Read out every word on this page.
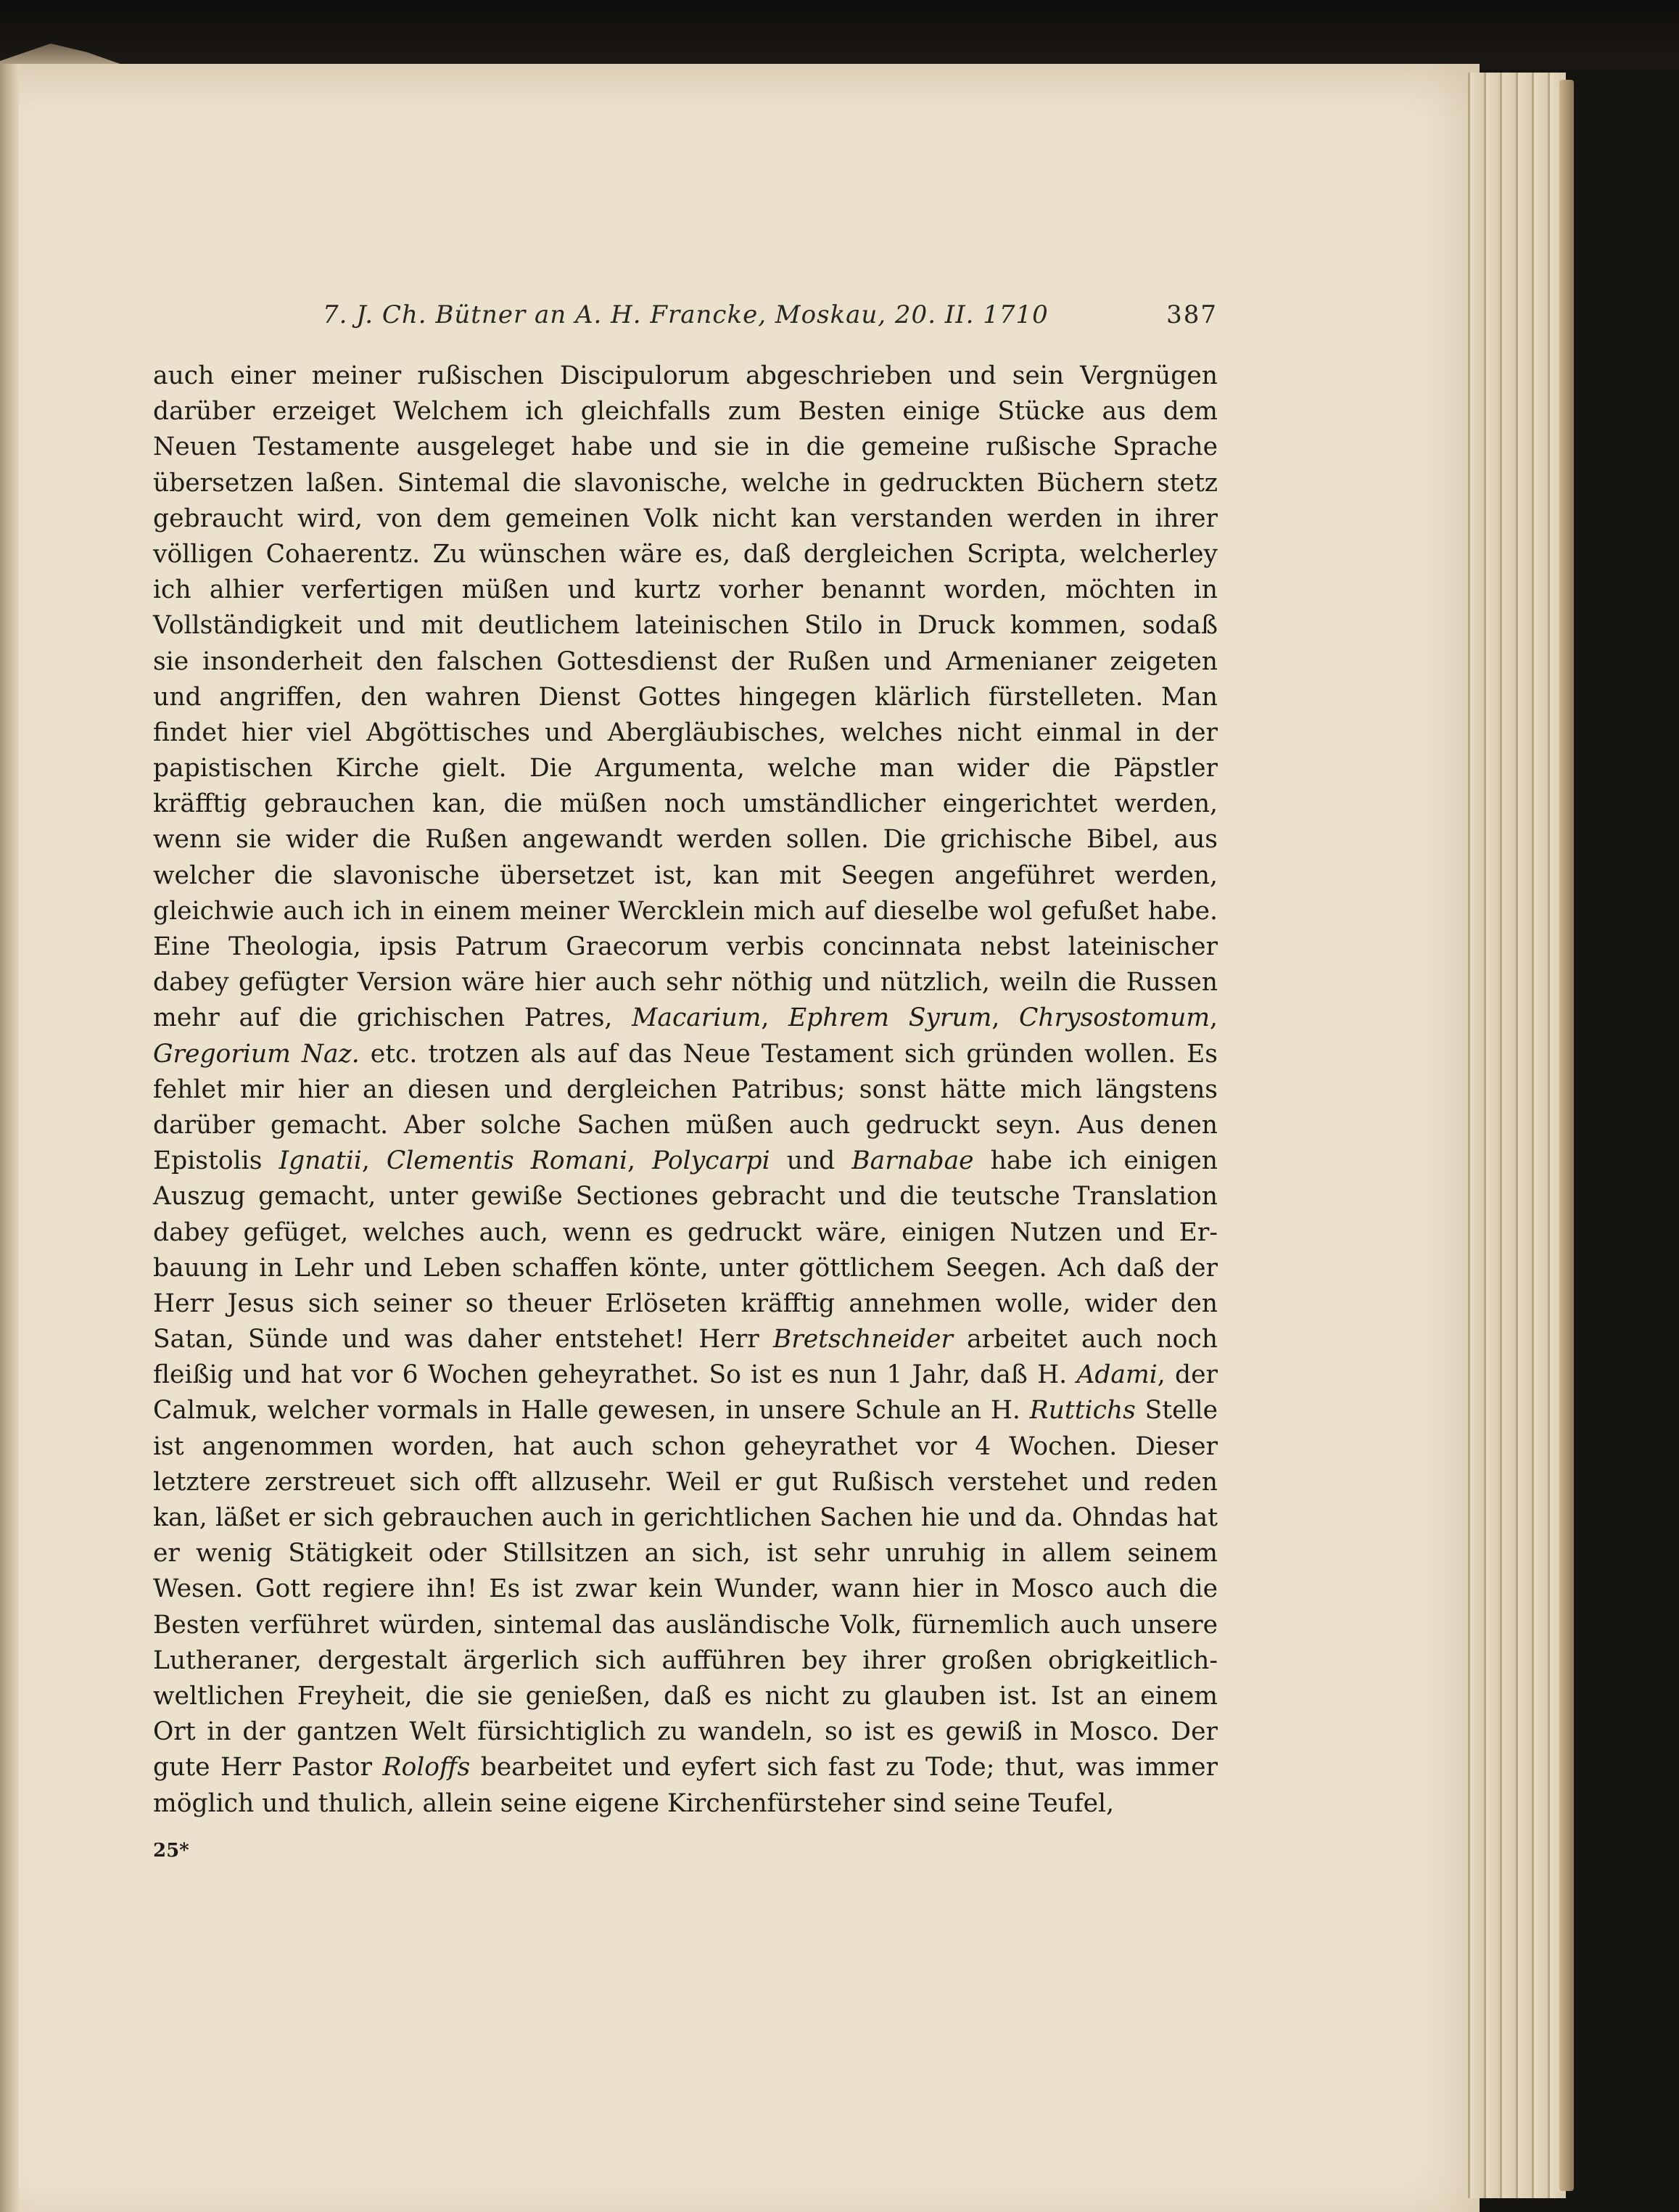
7. J. Ch. Bütner an A. H. Francke, Moskau, 20. II. 1710	387
auch einer meiner rußischen Discipulorum abgeschrieben und sein Vergnügen
darüber erzeiget Welchem ich gleichfalls zum Besten einige Stücke aus dem
Neuen Testamente ausgeleget habe und sie in die gemeine rußische Sprache
übersetzen laßen. Sintemal die slavonische, welche in gedruckten Büchern stetz
gebraucht wird, von dem gemeinen Volk nicht kan verstanden werden in ihrer
völligen Cohaerentz. Zu wünschen wäre es, daß dergleichen Scripta, welcherley
ich alhier verfertigen müßen und kurtz vorher benannt worden, möchten in
Vollständigkeit und mit deutlichem lateinischen Stilo in Druck kommen, sodaß
sie insonderheit den falschen Gottesdienst der Rußen und Armenianer zeigeten
und angriffen, den wahren Dienst Gottes hingegen klärlich fürstelleten. Man
findet hier viel Abgöttisches und Abergläubisches, welches nicht einmal in der
papistischen Kirche gielt. Die Argumenta, welche man wider die Päpstler
kräfftig gebrauchen kan, die müßen noch umständlicher eingerichtet werden,
wenn sie wider die Rußen angewandt werden sollen. Die grichische Bibel, aus
welcher die slavonische übersetzet ist, kan mit Seegen angeführet werden,
gleichwie auch ich in einem meiner Wercklein mich auf dieselbe wol gefußet habe.
Eine Theologia, ipsis Patrum Graecorum verbis concinnata nebst lateinischer
dabey gefügter Version wäre hier auch sehr nöthig und nützlich, weiln die Russen
mehr auf die grichischen Patres, Macarium, Ephrem Syrum, Chrysostomum,
Gregorium Naz. etc. trotzen als auf das Neue Testament sich gründen wollen. Es
fehlet mir hier an diesen und dergleichen Patribus; sonst hätte mich längstens
darüber gemacht. Aber solche Sachen müßen auch gedruckt seyn. Aus denen
Epistolis Ignatii, Clementis Romani, Polycarpi und Barnabae habe ich einigen
Auszug gemacht, unter gewiße Sectiones gebracht und die teutsche Translation
dabey gefüget, welches auch, wenn es gedruckt wäre, einigen Nutzen und Er-
bauung in Lehr und Leben schaffen könte, unter göttlichem Seegen. Ach daß der
Herr Jesus sich seiner so theuer Erlöseten kräfftig annehmen wolle, wider den
Satan, Sünde und was daher entstehet! Herr Bretschneider arbeitet auch noch
fleißig und hat vor 6 Wochen geheyrathet. So ist es nun 1 Jahr, daß H. Adami, der
Calmuk, welcher vormals in Halle gewesen, in unsere Schule an H. Ruttichs Stelle
ist angenommen worden, hat auch schon geheyrathet vor 4 Wochen. Dieser
letztere zerstreuet sich offt allzusehr. Weil er gut Rußisch verstehet und reden
kan, läßet er sich gebrauchen auch in gerichtlichen Sachen hie und da. Ohndas hat
er wenig Stätigkeit oder Stillsitzen an sich, ist sehr unruhig in allem seinem
Wesen. Gott regiere ihn! Es ist zwar kein Wunder, wann hier in Mosco auch die
Besten verführet würden, sintemal das ausländische Volk, fürnemlich auch unsere
Lutheraner, dergestalt ärgerlich sich aufführen bey ihrer großen obrigkeitlich-
weltlichen Freyheit, die sie genießen, daß es nicht zu glauben ist. Ist an einem
Ort in der gantzen Welt fürsichtiglich zu wandeln, so ist es gewiß in Mosco. Der
gute Herr Pastor Roloffs bearbeitet und eyfert sich fast zu Tode; thut, was immer
möglich und thulich, allein seine eigene Kirchenfürsteher sind seine Teufel,
25*
